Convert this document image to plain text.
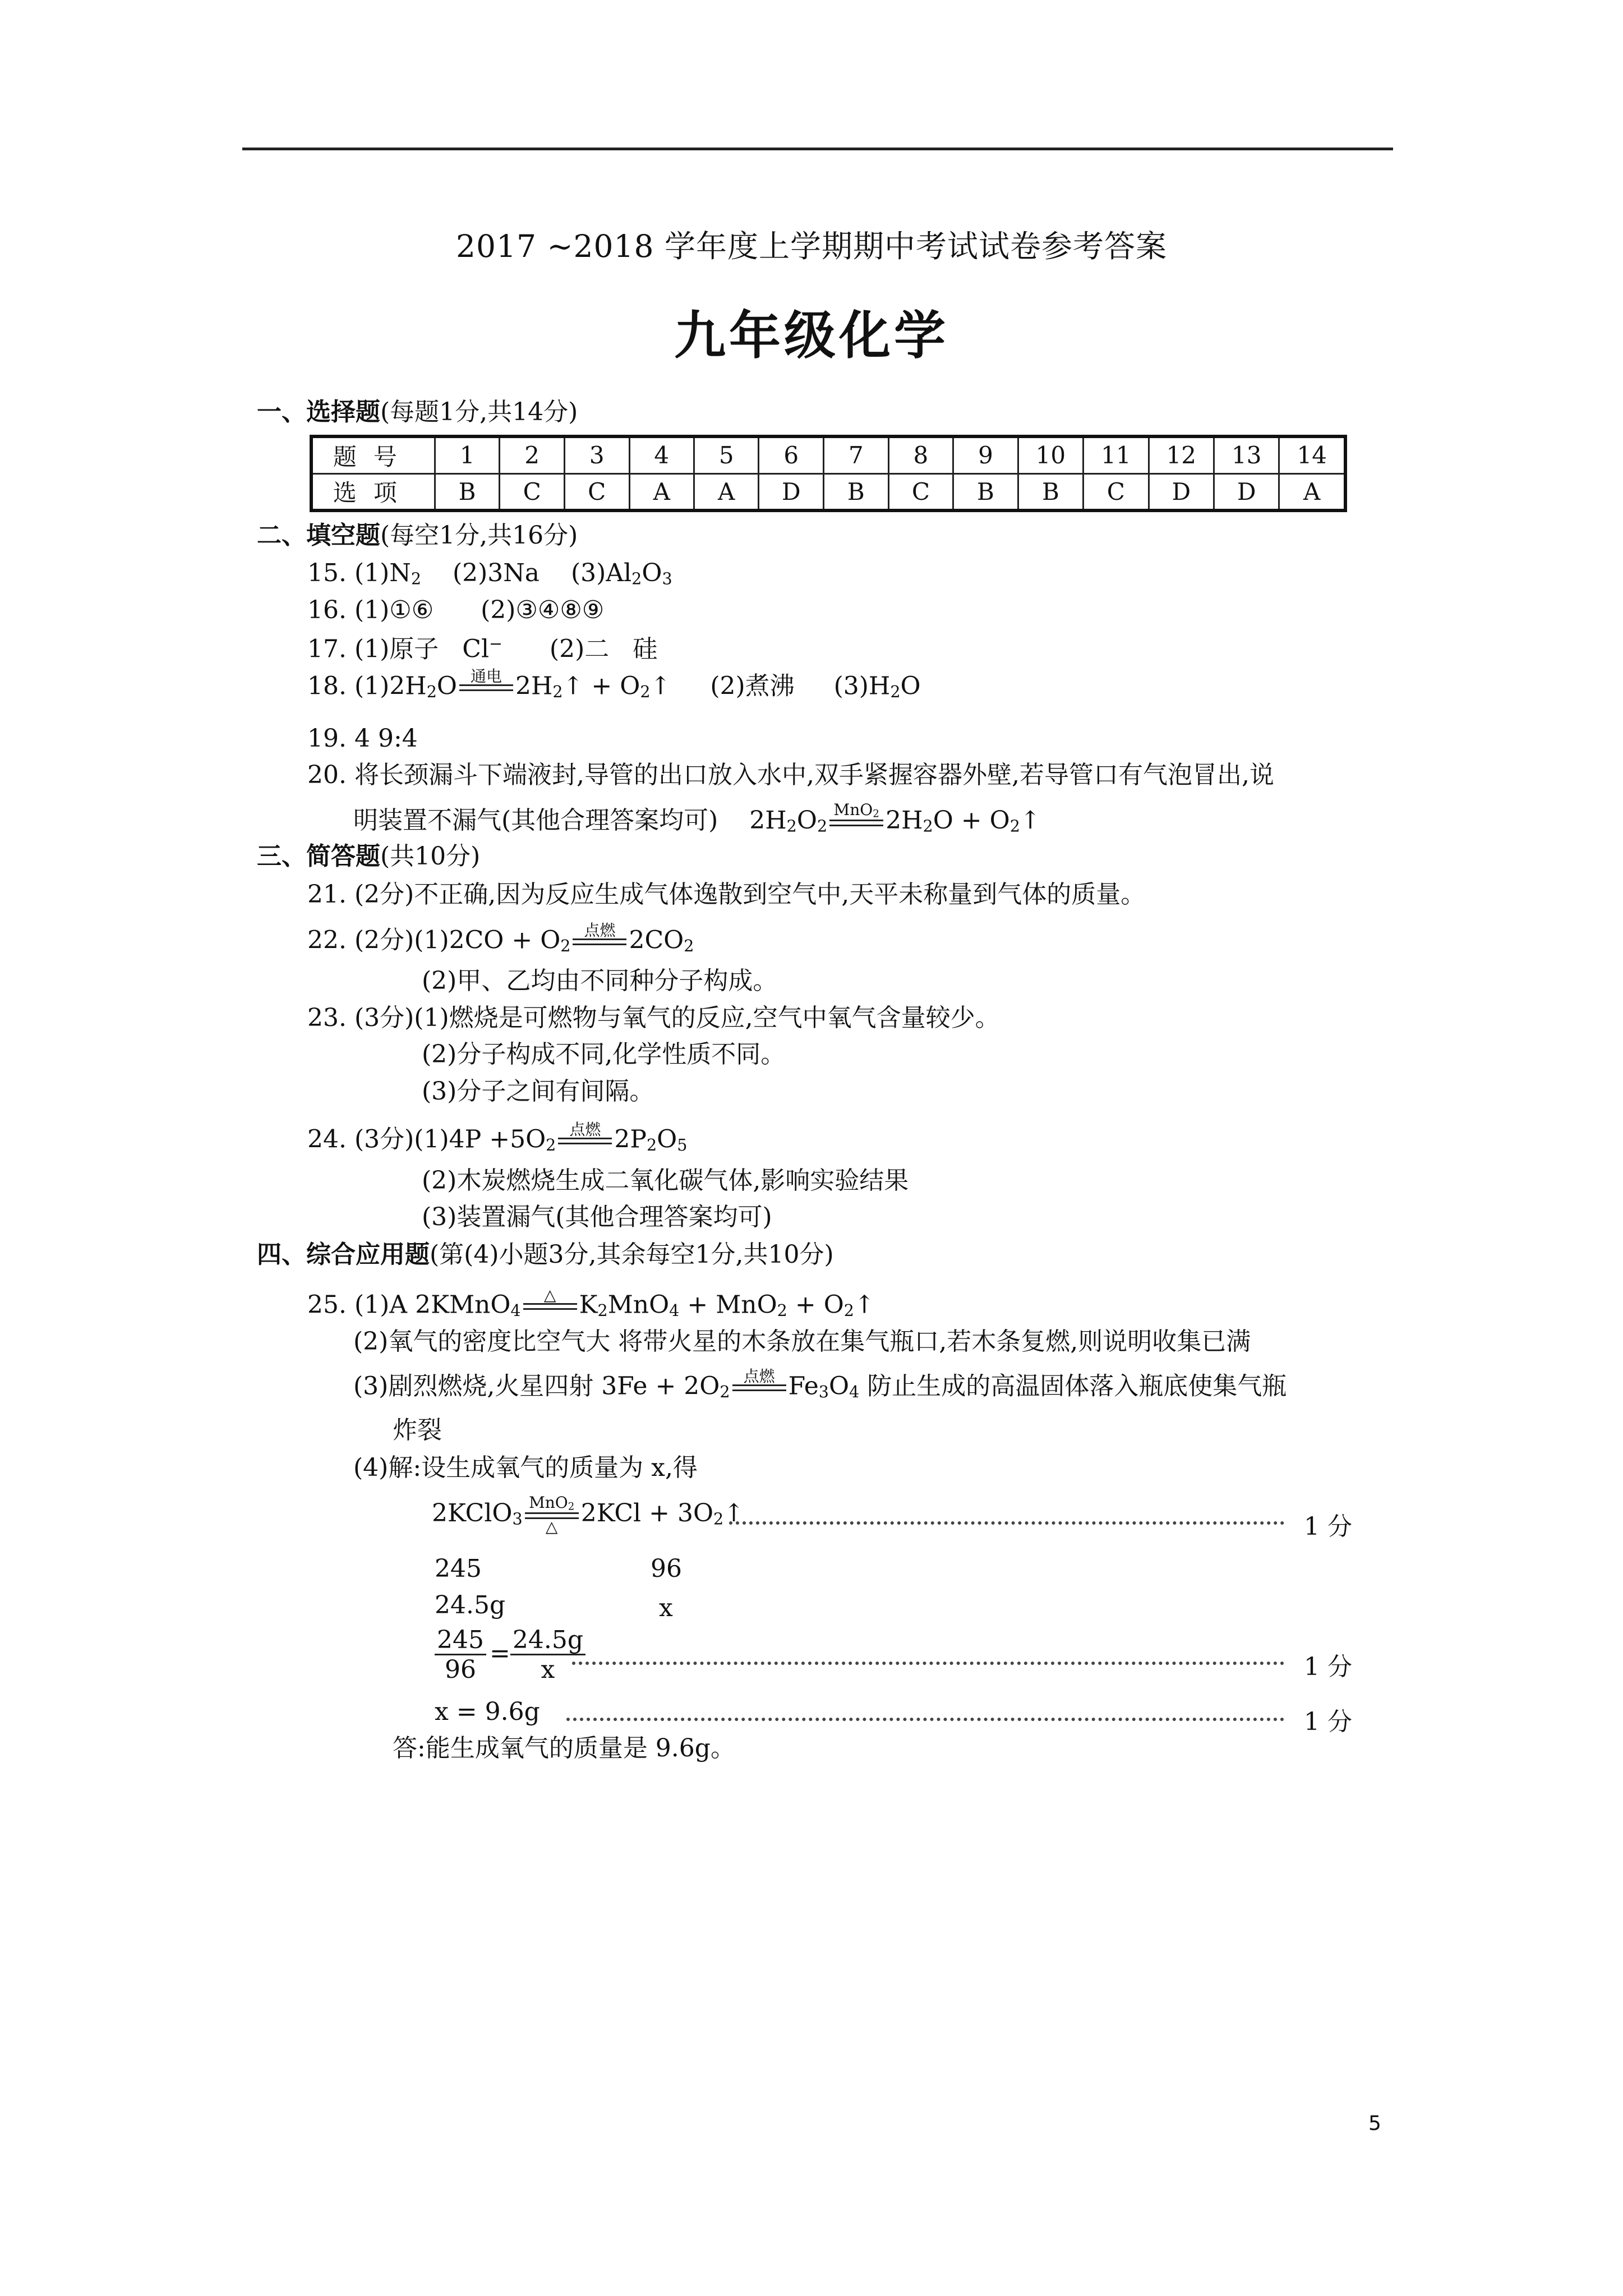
2017 ~2018 学年度上学期期中考试试卷参考答案
九年级化学
一、选择题(每题1分,共14分)
题号	1	2	3	4	5	6	7	8	9	10	11	12	13	14
选项	B	C	C	A	A	D	B	C	B	B	C	D	D	A
二、填空题(每空1分,共16分)
15. $(1)N_2$ (2)3Na $(3)Al_2O_3$
16. (1)①⑥ (2)③④⑧⑨
17. (1)原子 Cl− (2)二 硅
18. $(1)2H_2O$ 通电 $2H_2↑$ + $O_2↑$ (2)煮沸 $(3)H_2O$
19. 4 9:4
20. 将长颈漏斗下端液封,导管的出口放入水中,双手紧握容器外壁,若导管口有气泡冒出,说
明装置不漏气(其他合理答案均可) $2H_2O_2$
MnO$_2$ $2H_2O$ + $O_2↑$
三、简答题(共10分)
21. (2分)不正确,因为反应生成气体逸散到空气中,天平未称量到气体的质量。
22. (2分)$(1)2CO + O_2$
点燃 $2CO_2$
(2)甲、乙均由不同种分子构成。
23. (3分)(1)燃烧是可燃物与氧气的反应,空气中氧气含量较少。
(2)分子构成不同,化学性质不同。
(3)分子之间有间隔。
24. (3分)$(1)4P +5O_2$
点燃 $2P_2O_5$
(2)木炭燃烧生成二氧化碳气体,影响实验结果
(3)装置漏气(其他合理答案均可)
四、综合应用题(第(4)小题3分,其余每空1分,共10分)
25. (1)A 2KMnO$_4$
△ $K_2MnO_4 + MnO_2$ + $O_2↑$
(2)氧气的密度比空气大 将带火星的木条放在集气瓶口,若木条复燃,则说明收集已满
(3)剧烈燃烧,火星四射 $3Fe + 2O_2$
点燃 $Fe_3O_4$ 防止生成的高温固体落入瓶底使集气瓶
炸裂
(4)解:设生成氧气的质量为 x,得
2KClO$_3$
MnO$_2$
△ $2KCl + 3O_2↑$	1 分
245	96
24.5g	x
$\frac{245}{96} = \frac{24.5g}{x}$	1 分
x = 9.6g	1 分
答:能生成氧气的质量是 9.6g。
5
